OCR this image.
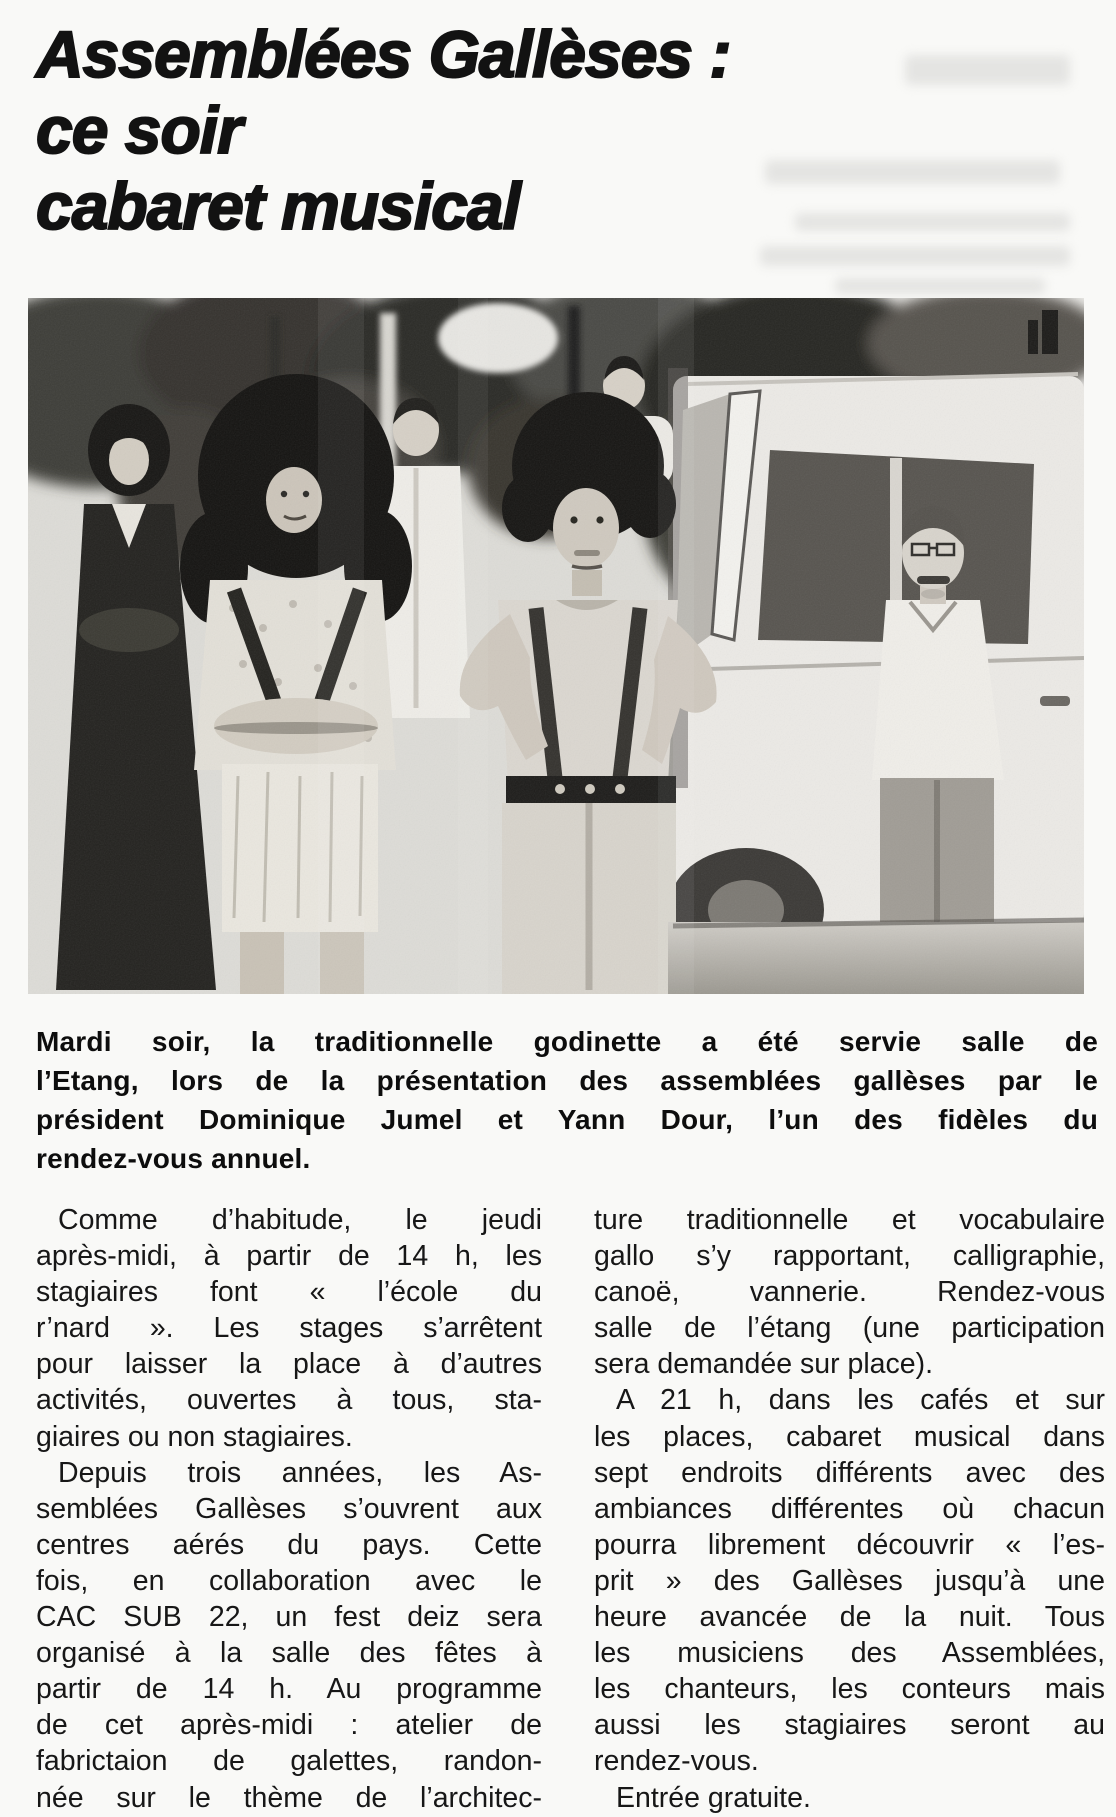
Assemblées Gallèses :
ce soir
cabaret musical
Mardi soir, la traditionnelle godinette a été servie salle de
l’Etang, lors de la présentation des assemblées gallèses par le
président Dominique Jumel et Yann Dour, l’un des fidèles du
rendez-vous annuel.
Comme d’habitude, le jeudi
après-midi, à partir de 14 h, les
stagiaires font « l’école du
r’nard ». Les stages s’arrêtent
pour laisser la place à d’autres
activités, ouvertes à tous, sta-
giaires ou non stagiaires.
Depuis trois années, les As-
semblées Gallèses s’ouvrent aux
centres aérés du pays. Cette
fois, en collaboration avec le
CAC SUB 22, un fest deiz sera
organisé à la salle des fêtes à
partir de 14 h. Au programme
de cet après-midi : atelier de
fabrictaion de galettes, randon-
née sur le thème de l’architec-
ture traditionnelle et vocabulaire
gallo s’y rapportant, calligraphie,
canoë, vannerie. Rendez-vous
salle de l’étang (une participation
sera demandée sur place).
A 21 h, dans les cafés et sur
les places, cabaret musical dans
sept endroits différents avec des
ambiances différentes où chacun
pourra librement découvrir « l’es-
prit » des Gallèses jusqu’à une
heure avancée de la nuit. Tous
les musiciens des Assemblées,
les chanteurs, les conteurs mais
aussi les stagiaires seront au
rendez-vous.
Entrée gratuite.
